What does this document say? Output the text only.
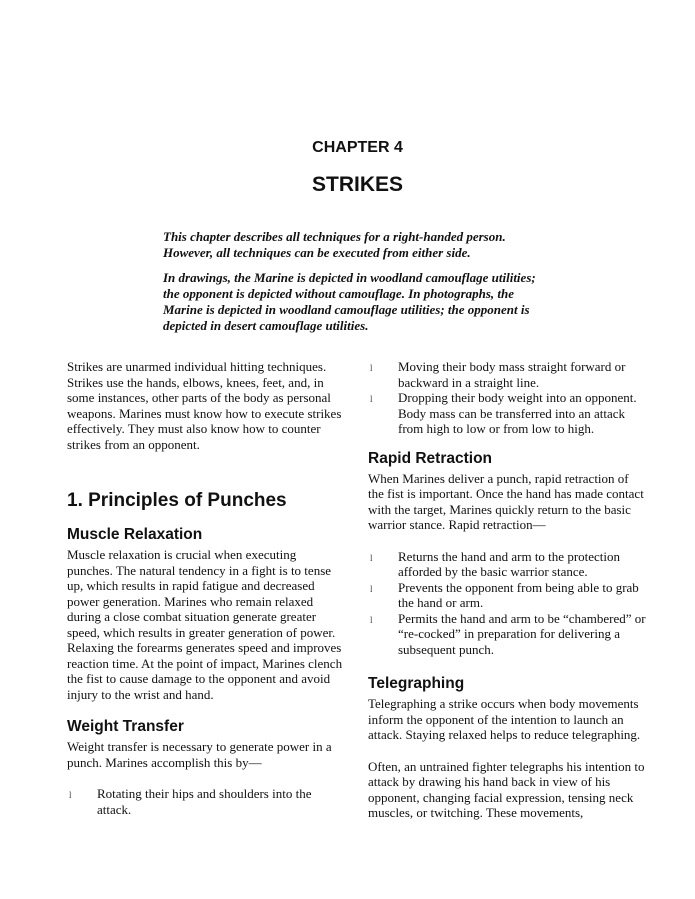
CHAPTER 4
STRIKES

This chapter describes all techniques for a right-handed person. However, all techniques can be executed from either side.

In drawings, the Marine is depicted in woodland camouflage utilities; the opponent is depicted without camouflage. In photographs, the Marine is depicted in woodland camouflage utilities; the opponent is depicted in desert camouflage utilities.

Strikes are unarmed individual hitting techniques. Strikes use the hands, elbows, knees, feet, and, in some instances, other parts of the body as personal weapons. Marines must know how to execute strikes effectively. They must also know how to counter strikes from an opponent.

1. Principles of Punches
Muscle Relaxation

Muscle relaxation is crucial when executing punches. The natural tendency in a fight is to tense up, which results in rapid fatigue and decreased power generation. Marines who remain relaxed during a close combat situation generate greater speed, which results in greater generation of power. Relaxing the forearms generates speed and improves reaction time. At the point of impact, Marines clench the fist to cause damage to the opponent and avoid injury to the wrist and hand.

Weight Transfer

Weight transfer is necessary to generate power in a punch. Marines accomplish this by—

l Rotating their hips and shoulders into the attack.
l Moving their body mass straight forward or backward in a straight line.
l Dropping their body weight into an opponent. Body mass can be transferred into an attack from high to low or from low to high.
Rapid Retraction

When Marines deliver a punch, rapid retraction of the fist is important. Once the hand has made contact with the target, Marines quickly return to the basic warrior stance. Rapid retraction—

l Returns the hand and arm to the protection afforded by the basic warrior stance.
l Prevents the opponent from being able to grab the hand or arm.
l Permits the hand and arm to be “chambered” or “re-cocked” in preparation for delivering a subsequent punch.
Telegraphing

Telegraphing a strike occurs when body movements inform the opponent of the intention to launch an attack. Staying relaxed helps to reduce telegraphing.

Often, an untrained fighter telegraphs his intention to attack by drawing his hand back in view of his opponent, changing facial expression, tensing neck muscles, or twitching. These movements,
